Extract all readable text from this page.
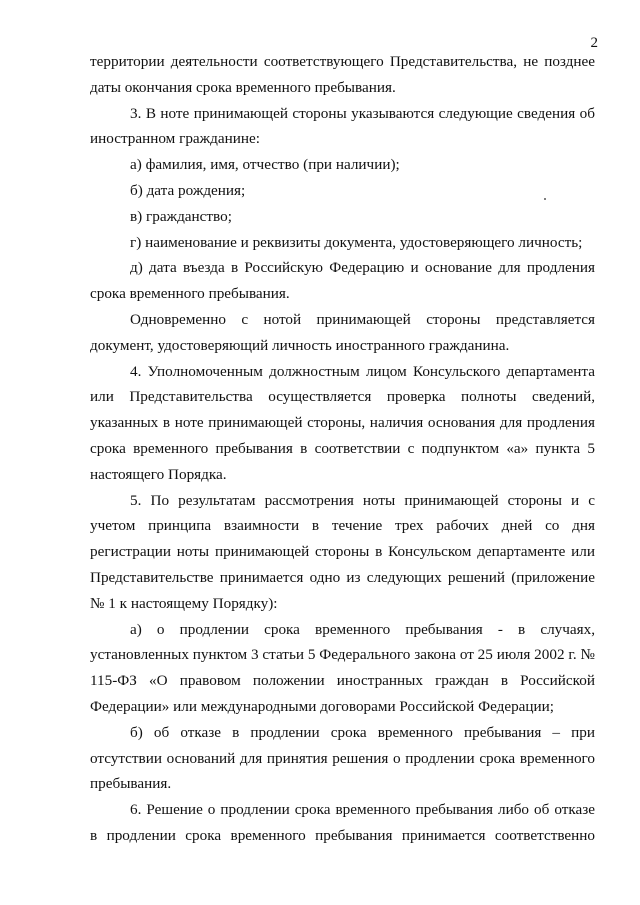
2

территории деятельности соответствующего Представительства, не позднее даты окончания срока временного пребывания.

3. В ноте принимающей стороны указываются следующие сведения об иностранном гражданине:

а) фамилия, имя, отчество (при наличии);

б) дата рождения;

в) гражданство;

г) наименование и реквизиты документа, удостоверяющего личность;

д) дата въезда в Российскую Федерацию и основание для продления срока временного пребывания.

Одновременно с нотой принимающей стороны представляется документ, удостоверяющий личность иностранного гражданина.

4. Уполномоченным должностным лицом Консульского департамента или Представительства осуществляется проверка полноты сведений, указанных в ноте принимающей стороны, наличия основания для продления срока временного пребывания в соответствии с подпунктом «а» пункта 5 настоящего Порядка.

5. По результатам рассмотрения ноты принимающей стороны и с учетом принципа взаимности в течение трех рабочих дней со дня регистрации ноты принимающей стороны в Консульском департаменте или Представительстве принимается одно из следующих решений (приложение № 1 к настоящему Порядку):

а) о продлении срока временного пребывания - в случаях, установленных пунктом 3 статьи 5 Федерального закона от 25 июля 2002 г. № 115-ФЗ «О правовом положении иностранных граждан в Российской Федерации» или международными договорами Российской Федерации;

б) об отказе в продлении срока временного пребывания – при отсутствии оснований для принятия решения о продлении срока временного пребывания.

6. Решение о продлении срока временного пребывания либо об отказе в продлении срока временного пребывания принимается соответственно
